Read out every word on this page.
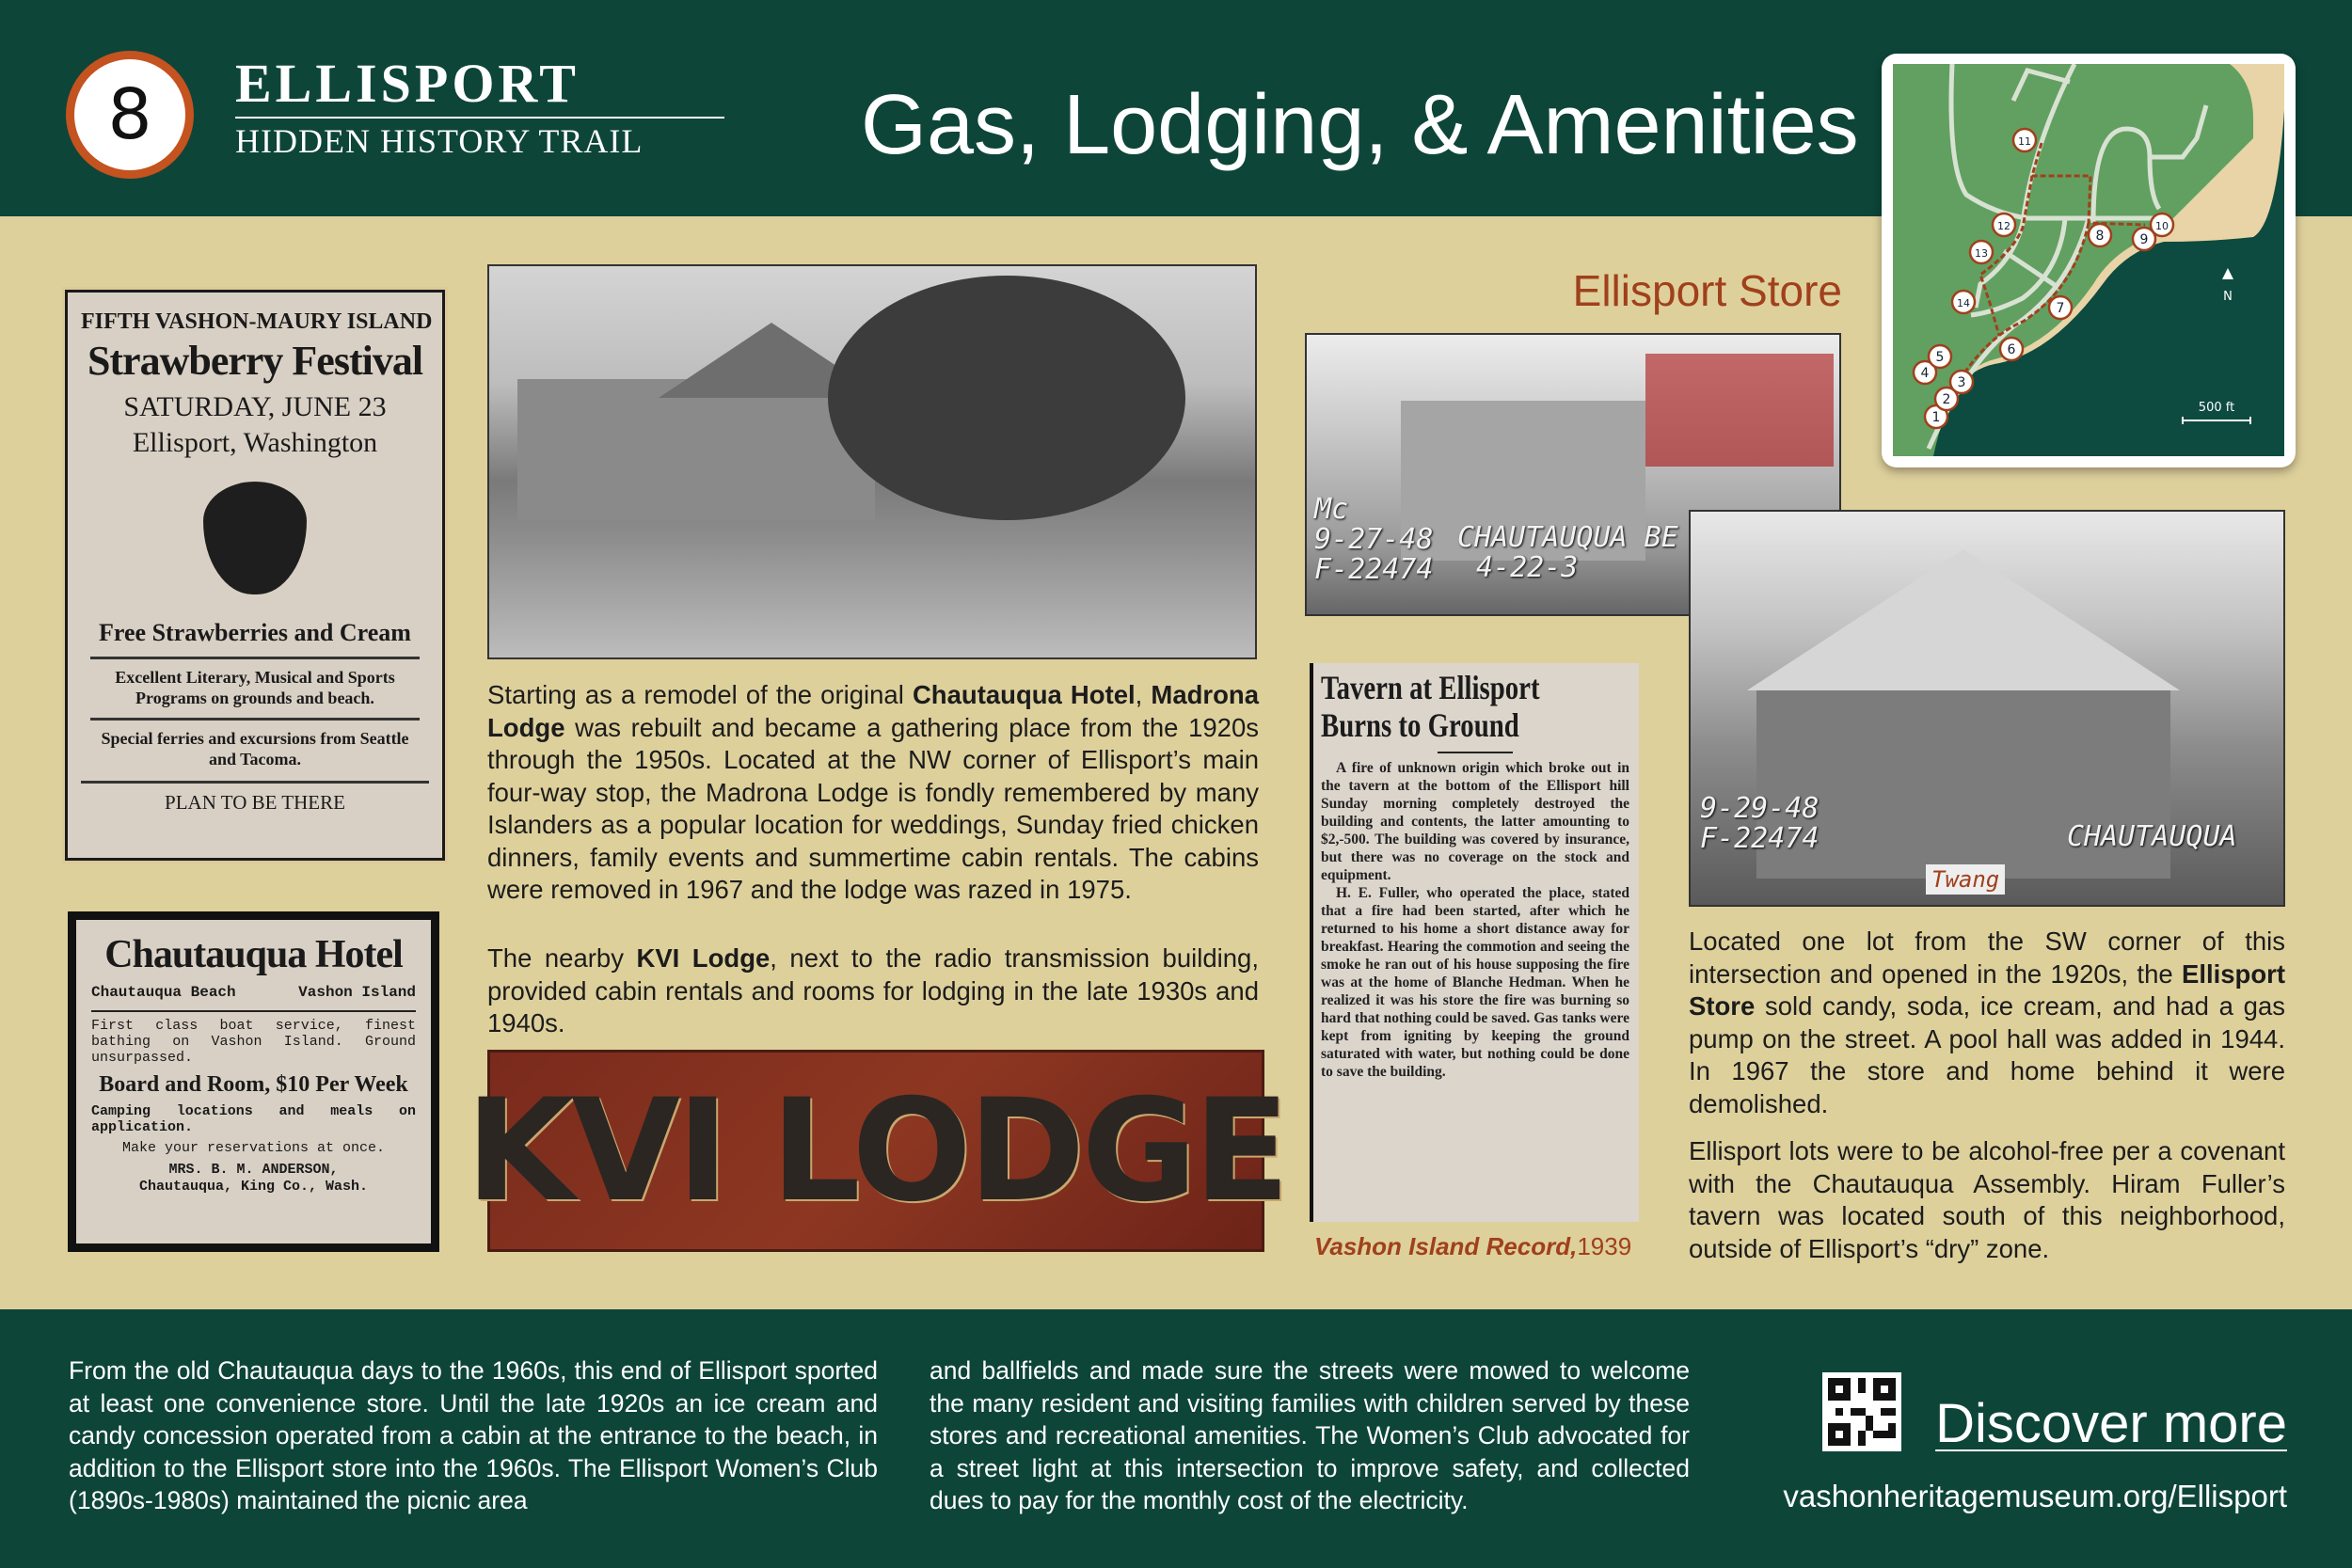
8	ELLISPORT
HIDDEN HISTORY TRAIL	Gas, Lodging, & Amenities
1
2
3
4
5	6
7
8	9
10
11
12
13
14	N
500 ft
FIFTH VASHON-MAURY ISLAND
Strawberry Festival
SATURDAY, JUNE 23
Ellisport, Washington
Free Strawberries and Cream
Excellent Literary, Musical and Sports Programs on grounds and beach.
Special ferries and excursions from Seattle and Tacoma.
PLAN TO BE THERE
Chautauqua Hotel
Chautauqua Beach	Vashon Island
First class boat service, finest bathing on Vashon Island. Ground unsurpassed.
Board and Room, $10 Per Week
Camping locations and meals on application.
Make your reservations at once.
MRS. B. M. ANDERSON,
Chautauqua, King Co., Wash.

Starting as a remodel of the original Chautauqua Hotel, Madrona Lodge was rebuilt and became a gathering place from the 1920s through the 1950s. Located at the NW corner of Ellisport’s main four-way stop, the Madrona Lodge is fondly remembered by many Islanders as a popular location for weddings, Sunday fried chicken dinners, family events and summertime cabin rentals. The cabins were removed in 1967 and the lodge was razed in 1975.

The nearby KVI Lodge, next to the radio transmission building, provided cabin rentals and rooms for lodging in the late 1930s and 1940s.

KVI LODGE
Ellisport Store
Mc
9-27-48
F-22474
CHAUTAUQUA BE
4-22-3
9-29-48
F-22474	CHAUTAUQUA
Twang
Tavern at Ellisport
Burns to Ground

A fire of unknown origin which broke out in the tavern at the bottom of the Ellisport hill Sunday morning completely destroyed the building and contents, the latter amounting to $2,-500. The building was covered by insurance, but there was no coverage on the stock and equipment.

H. E. Fuller, who operated the place, stated that a fire had been started, after which he returned to his home a short distance away for breakfast. Hearing the commotion and seeing the smoke he ran out of his house supposing the fire was at the home of Blanche Hedman. When he realized it was his store the fire was burning so hard that nothing could be saved. Gas tanks were kept from igniting by keeping the ground saturated with water, but nothing could be done to save the building.

Vashon Island Record,1939

Located one lot from the SW corner of this intersection and opened in the 1920s, the Ellisport Store sold candy, soda, ice cream, and had a gas pump on the street. A pool hall was added in 1944. In 1967 the store and home behind it were demolished.

Ellisport lots were to be alcohol-free per a covenant with the Chautauqua Assembly. Hiram Fuller’s tavern was located south of this neighborhood, outside of Ellisport’s “dry” zone.

From the old Chautauqua days to the 1960s, this end of Ellisport sported at least one convenience store. Until the late 1920s an ice cream and candy concession operated from a cabin at the entrance to the beach, in addition to the Ellisport store into the 1960s. The Ellisport Women’s Club (1890s-1980s) maintained the picnic area

and ballfields and made sure the streets were mowed to welcome the many resident and visiting families with children served by these stores and recreational amenities. The Women’s Club advocated for a street light at this intersection to improve safety, and collected dues to pay for the monthly cost of the electricity.

Discover more
vashonheritagemuseum.org/Ellisport
